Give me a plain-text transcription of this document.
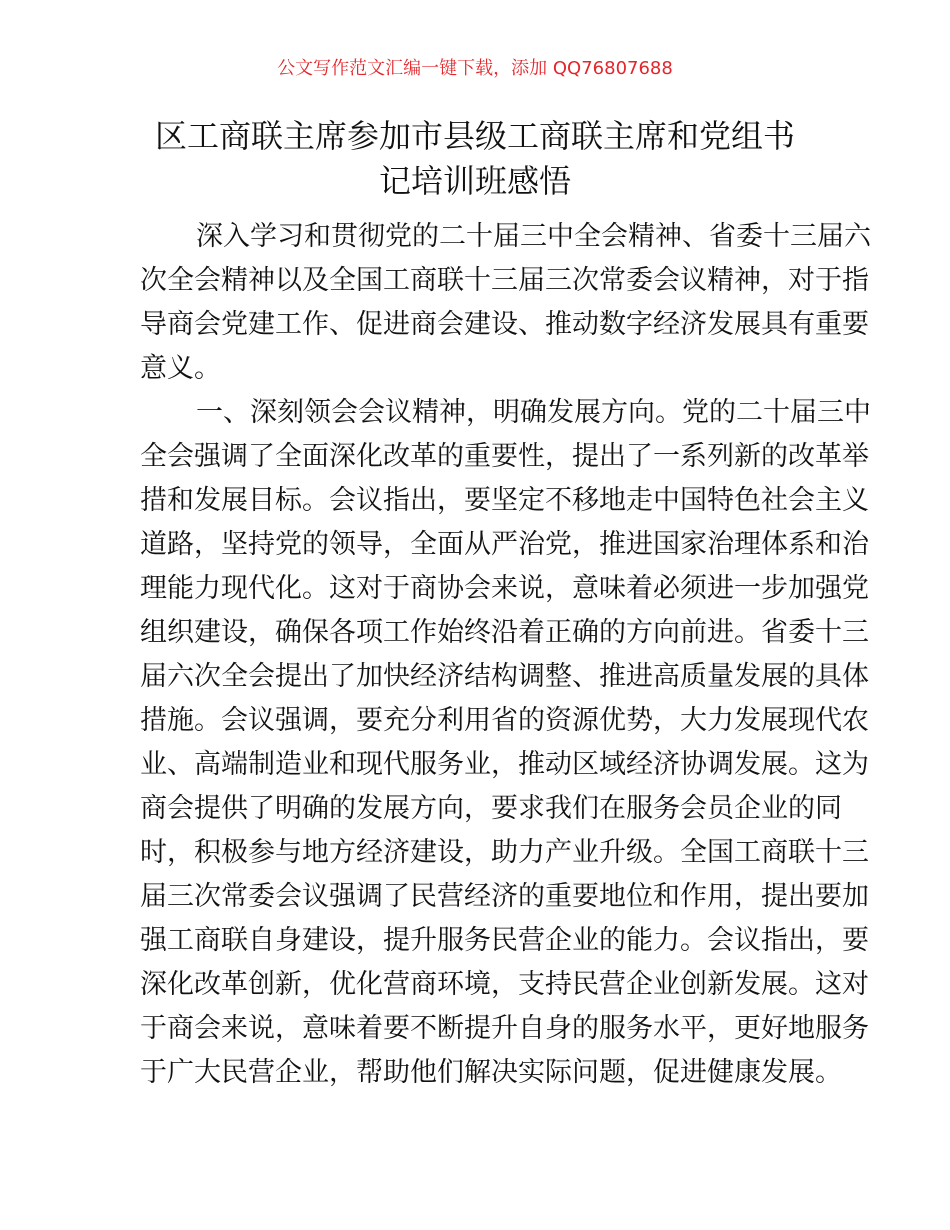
公文写作范文汇编一键下载，添加 QQ76807688
区工商联主席参加市县级工商联主席和党组书
记培训班感悟
深入学习和贯彻党的二十届三中全会精神、省委十三届六
次全会精神以及全国工商联十三届三次常委会议精神，对于指
导商会党建工作、促进商会建设、推动数字经济发展具有重要
意义。
一、深刻领会会议精神，明确发展方向。党的二十届三中
全会强调了全面深化改革的重要性，提出了一系列新的改革举
措和发展目标。会议指出，要坚定不移地走中国特色社会主义
道路，坚持党的领导，全面从严治党，推进国家治理体系和治
理能力现代化。这对于商协会来说，意味着必须进一步加强党
组织建设，确保各项工作始终沿着正确的方向前进。省委十三
届六次全会提出了加快经济结构调整、推进高质量发展的具体
措施。会议强调，要充分利用省的资源优势，大力发展现代农
业、高端制造业和现代服务业，推动区域经济协调发展。这为
商会提供了明确的发展方向，要求我们在服务会员企业的同
时，积极参与地方经济建设，助力产业升级。全国工商联十三
届三次常委会议强调了民营经济的重要地位和作用，提出要加
强工商联自身建设，提升服务民营企业的能力。会议指出，要
深化改革创新，优化营商环境，支持民营企业创新发展。这对
于商会来说，意味着要不断提升自身的服务水平，更好地服务
于广大民营企业，帮助他们解决实际问题，促进健康发展。
